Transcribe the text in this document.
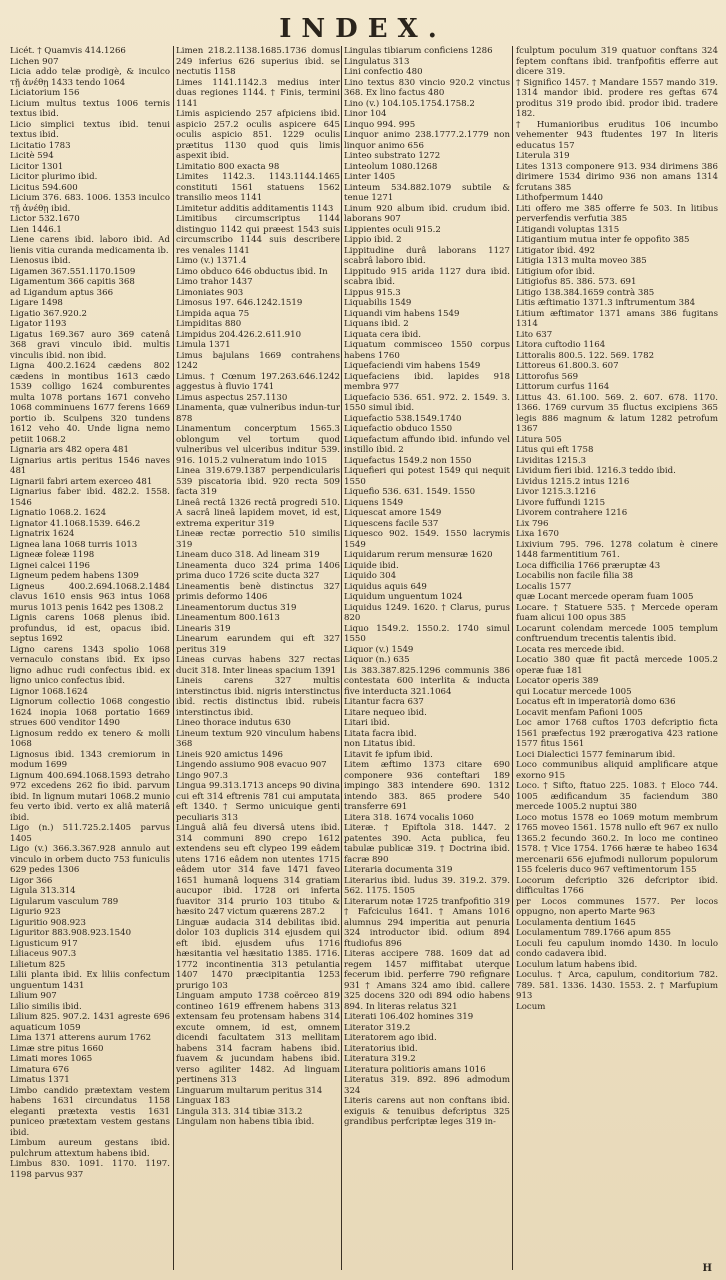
INDEX.
Licét. † Quamvis 414.1266
Lichen 907
Licia addo telæ prodigè, & inculco τῇ ἀνέθῃ 1433 tendo 1064
Liciatorium 156
Licium multus textus 1006 ternis textus ibid.
Licio simplici textus ibid. tenui textus ibid.
Licitatio 1783
Licitè 594
Licitor 1301
Licitor plurimo ibid.
Licitus 594.600
Licium 376. 683. 1006. 1353 inculco τῇ ἀνέθῃ ibid.
Lictor 532.1670
Lien 1446.1
Liene carens ibid. laboro ibid. Ad lienis vitia curanda medicamenta ib.
Lienosus ibid.
Ligamen 367.551.1170.1509
Ligamentum 366 capitis 368
ad Ligandum aptus 366
Ligare 1498
Ligatio 367.920.2
Ligator 1193
Ligatus 169.367 auro 369 catenâ 368 gravi vinculo ibid. multis vinculis ibid. non ibid.
Ligna 400.2.1624 cædens 802 cædens in montibus 1613 cædo 1539 colligo 1624 comburentes multa 1078 portans 1671 conveho 1068 comminuens 1677 ferens 1669 portio ib. Sculpens 320 tundens 1612 veho 40. Unde ligna nemo petiit 1068.2
Lignaria ars 482 opera 481
Lignarius artis peritus 1546 naves 481
Lignarii fabri artem exerceo 481
Lignarius faber ibid. 482.2. 1558. 1546
Lignatio 1068.2. 1624
Lignator 41.1068.1539. 646.2
Lignatrix 1624
Lignea lana 1068 turris 1013
Ligneæ foleæ 1198
Lignei calcei 1196
Ligneum pedem habens 1309
Ligneus 400.2.694.1068.2.1484 clavus 1610 ensis 963 intus 1068 murus 1013 penis 1642 pes 1308.2
Lignis carens 1068 plenus ibid. profundus, id est, opacus ibid. septus 1692
Ligno carens 1343 spolio 1068 vernaculo constans ibid. Ex ipso ligno adhuc rudi confectus ibid. ex ligno unico confectus ibid.
Lignor 1068.1624
Lignorum collectio 1068 congestio 1624 inopia 1068 portatio 1669 strues 600 venditor 1490
Lignosum reddo ex tenero & molli 1068
Lignosus ibid. 1343 cremiorum in modum 1699
Lignum 400.694.1068.1593 detraho 972 excedens 262 fio ibid. parvum ibid. In lignum mutari 1068.2 munio feu verto ibid. verto ex aliâ materiâ ibid.
Ligo (n.) 511.725.2.1405 parvus 1405
Ligo (v.) 366.3.367.928 annulo aut vinculo in orbem ducto 753 funiculis 629 pedes 1306
Ligor 366
Ligula 313.314
Ligularum vasculum 789
Ligurio 923
Liguritio 908.923
Liguritor 883.908.923.1540
Ligusticum 917
Liliaceus 907.3
Lilietum 825
Lilii planta ibid. Ex liliis confectum unguentum 1431
Lilium 907
Lilio similis ibid.
Lilium 825. 907.2. 1431 agreste 696 aquaticum 1059
Lima 1371 atterens aurum 1762
Limæ stre pitus 1660
Limati mores 1065
Limatura 676
Limatus 1371
Limbo candido prætextam vestem habens 1631 circundatus 1158 eleganti prætexta vestis 1631 puniceo prætextam vestem gestans ibid.
Limbum aureum gestans ibid. pulchrum attextum habens ibid.
Limbus 830. 1091. 1170. 1197. 1198 parvus 937
Limen 218.2.1138.1685.1736 domus 249 inferius 626 superius ibid. se nectutis 1158
Limes 1141.1142.3 medius inter duas regiones 1144. † Finis, termini 1141
Limis aspiciendo 257 afpiciens ibid. aspicio 257.2 oculis aspicere 645 oculis aspicio 851. 1229 oculis prætitus 1130 quod quis limis aspexit ibid.
Limitatio 800 exacta 98
Limites 1142.3. 1143.1144.1465 constituti 1561 statuens 1562 transilio meos 1141
Limitetur additis additamentis 1143
Limitibus circumscriptus 1144 distinguo 1142 qui præest 1543 suis circumscribo 1144 suis describere res venales 1141
Limo (v.) 1371.4
Limo obduco 646 obductus ibid. In
Limo trahor 1437
Limoniates 903
Limosus 197. 646.1242.1519
Limpida aqua 75
Limpiditas 880
Limpidus 204.426.2.611.910
Limula 1371
Limus bajulans 1669 contrahens 1242
Limus. † Cœnum 197.263.646.1242 aggestus à fluvio 1741
Limus aspectus 257.1130
Linamenta, quæ vulneribus indun-tur 878
Linamentum concerptum 1565.3 oblongum vel tortum quod vulneribus vel ulceribus inditur 539. 916. 1015.2 vulneratum indo 1015
Linea 319.679.1387 perpendicularis 539 piscatoria ibid. 920 recta 509 facta 319
Lineâ rectâ 1326 rectâ progredi 510. A sacrâ lineâ lapidem movet, id est, extrema experitur 319
Lineæ rectæ porrectio 510 similis 319
Lineam duco 318. Ad lineam 319
Lineamenta duco 324 prima 1406 prima duco 1726 scite ducta 327
Lineamentis benè distinctus 327 primis deformo 1406
Lineamentorum ductus 319
Lineamentum 800.1613
Linearis 319
Linearum earundem qui eft 327 peritus 319
Lineas curvas habens 327 rectas ducit 318. Inter lineas spacium 1391
Lineis carens 327 multis interstinctus ibid. nigris interstinctus ibid. rectis distinctus ibid. rubeis interstinctus ibid.
Lineo thorace indutus 630
Lineum textum 920 vinculum habens 368
Lineis 920 amictus 1496
Lingendo assiumo 908 evacuo 907
Lingo 907.3
Lingua 99.313.1713 anceps 90 divina cui eft 314 eftrenis 781 cui amputata eft 1340. † Sermo unicuique genti peculiaris 313
Linguâ aliâ feu diversâ utens ibid. 314 communi 890 crepo 1612 extendens seu eft clypeo 199 eâdem utens 1716 eâdem non utentes 1715 eâdem utor 314 fave 1471 faveo 1651 humanâ loquens 314 gratiam aucupor ibid. 1728 ori inferta fuavitor 314 prurio 103 titubo & hæsito 247 victum quærens 287.2
Linguæ audacia 314 debilitas ibid. dolor 103 duplicis 314 ejusdem qui eft ibid. ejusdem ufus 1716 hæsitantia vel hæsitatio 1385. 1716. 1772 incontinentia 313 petulantia 1407 1470 præcipitantia 1253 prurigo 103
Linguam amputo 1738 coërceo 819 contineo 1619 effrenem habens 313 extensam feu protensam habens 314 excute omnem, id est, omnem dicendi facultatem 313 mellitam habens 314 facram habens ibid. fuavem & jucundam habens ibid. verso agiliter 1482. Ad linguam pertinens 313
Linguarum multarum peritus 314
Linguax 183
Lingula 313. 314 tibiæ 313.2
Lingulam non habens tibia ibid.
Lingulas tibiarum conficiens 1286
Lingulatus 313
Lini confectio 480
Lino textus 830 vincio 920.2 vinctus 368. Ex lino factus 480
Lino (v.) 104.105.1754.1758.2
Linor 104
Linquo 994. 995
Linquor animo 238.1777.2.1779 non linquor animo 656
Linteo substrato 1272
Linteolum 1080.1268
Linter 1405
Linteum 534.882.1079 subtile & tenue 1271
Linum 920 album ibid. crudum ibid. laborans 907
Lippientes oculi 915.2
Lippio ibid. 2
Lippitudine durâ laborans 1127 scabrâ laboro ibid.
Lippitudo 915 arida 1127 dura ibid. scabra ibid.
Lippus 915.3
Liquabilis 1549
Liquandi vim habens 1549
Liquans ibid. 2
Liquata cera ibid.
Liquatum commisceo 1550 corpus habens 1760
Liquefaciendi vim habens 1549
Liquefaciens ibid. lapides 918 membra 977
Liquefacio 536. 651. 972. 2. 1549. 3. 1550 simul ibid.
Liquefactio 538.1549.1740
Liquefactio obduco 1550
Liquefactum affundo ibid. infundo vel instillo ibid. 2
Liquefactus 1549.2 non 1550
Liquefieri qui potest 1549 qui nequit 1550
Liquefio 536. 631. 1549. 1550
Liquens 1549
Liquescat amore 1549
Liquescens facile 537
Liquesco 902. 1549. 1550 lacrymis 1549
Liquidarum rerum mensuræ 1620
Liquide ibid.
Liquido 304
Liquidus aquis 649
Liquidum unguentum 1024
Liquidus 1249. 1620. † Clarus, purus 820
Liquo 1549.2. 1550.2. 1740 simul 1550
Liquor (v.) 1549
Liquor (n.) 635
Lis 383.387.825.1296 communis 386 contestata 600 interlita & inducta five interducta 321.1064
Litantur facra 637
Litare nequeo ibid.
Litari ibid.
Litata facra ibid.
non Litatus ibid.
Litavit fe ipfum ibid.
Litem æftimo 1373 citare 690 componere 936 conteftari 189 impingo 383 intendere 690. 1312 intendo 383. 865 prodere 540 transferre 691
Litera 318. 1674 vocalis 1060
Literæ. † Epiftola 318. 1447. 2 patentes 390. Acta publica, feu tabulæ publicæ 319. † Doctrina ibid. facræ 890
Literaria documenta 319
Literarius ibid. ludus 39. 319.2. 379. 562. 1175. 1505
Literarum notæ 1725 tranfpofitio 319 † Fafciculus 1641. † Amans 1016 alumnus 294 imperitia aut penuria 324 introductor ibid. odium 894 ftudiofus 896
Literas accipere 788. 1609 dat ad regem 1457 miffitabat uterque fecerum ibid. perferre 790 refignare 931 † Amans 324 amo ibid. callere 325 docens 320 odi 894 odio habens 894. In literas relatus 321
Literati 106.402 homines 319
Literator 319.2
Literatorem ago ibid.
Literatorius ibid.
Literatura 319.2
Literatura politioris amans 1016
Literatus 319. 892. 896 admodum 324
Literis carens aut non conftans ibid. exiguis & tenuibus defcriptus 325 grandibus perfcriptæ leges 319 in-
fculptum poculum 319 quatuor conftans 324 feptem conftans ibid. tranfpofitis efferre aut dicere 319.
† Significo 1457. † Mandare 1557 mando 319. 1314 mandor ibid. prodere res geftas 674 proditus 319 prodo ibid. prodor ibid. tradere 182.
† Humanioribus eruditus 106 incumbo vehementer 943 ftudentes 197 In literis educatus 157
Literula 319
Lites 1313 componere 913. 934 dirimens 386 dirimere 1534 dirimo 936 non amans 1314 fcrutans 385
Lithofpermum 1440
Liti offero me 385 offerre fe 503. In litibus perverfendis verfutia 385
Litigandi voluptas 1315
Litigantium mutua inter fe oppofito 385
Litigator ibid. 492
Litigia 1313 multa moveo 385
Litigium ofor ibid.
Litigiofus 85. 386. 573. 691
Litigo 138.384.1659 contrà 385
Litis æftimatio 1371.3 inftrumentum 384
Litium æftimator 1371 amans 386 fugitans 1314
Lito 637
Litora cuftodio 1164
Littoralis 800.5. 122. 569. 1782
Littoreus 61.800.3. 607
Littorofus 569
Littorum curfus 1164
Littus 43. 61.100. 569. 2. 607. 678. 1170. 1366. 1769 curvum 35 fluctus excipiens 365 legis 886 magnum & latum 1282 petrofum 1367
Litura 505
Litus qui eft 1758
Lividitas 1215.3
Lividum fieri ibid. 1216.3 teddo ibid.
Lividus 1215.2 intus 1216
Livor 1215.3.1216
Livore fuffundi 1215
Livorem contrahere 1216
Lix 796
Lixa 1670
Lixivium 795. 796. 1278 colatum è cinere 1448 farmentitium 761.
Loca difficilia 1766 præruptæ 43
Locabilis non facile filia 38
Localis 1577
quæ Locant mercede operam fuam 1005
Locare. † Statuere 535. † Mercede operam fuam alicui 100 opus 385
Locarunt colendam mercede 1005 templum conftruendum trecentis talentis ibid.
Locata res mercede ibid.
Locatio 380 quæ fit pactâ mercede 1005.2 operæ fuæ 181
Locator operis 389
qui Locatur mercede 1005
Locatus eft in imperatorià domo 636
Locavit menfam Pafioni 1005
Loc amor 1768 cuftos 1703 defcriptio ficta 1561 præfectus 192 prærogativa 423 ratione 1577 fitus 1561
Loci Dialectici 1577 feminarum ibid.
Loco communibus aliquid amplificare atque exorno 915
Loco. † Sifto, ftatuo 225. 1083. † Eloco 744. 1005 ædificandum 35 faciendum 380 mercede 1005.2 nuptui 380
Loco motus 1578 eo 1069 motum membrum 1765 moveo 1561. 1578 nullo eft 967 ex nullo 1365.2 fecundo 360.2. In loco me contineo 1578. † Vice 1754. 1766 hæræ te habeo 1634 mercenarii 656 ejufmodi nullorum populorum 155 fceleris duco 967 veftimentorum 155
Locorum defcriptio 326 defcriptor ibid. difficultas 1766
per Locos communes 1577. Per locos oppugno, non aperto Marte 963
Loculamenta dentium 1645
Loculamentum 789.1766 apum 855
Loculi feu capulum inomdo 1430. In loculo condo cadavera ibid.
Loculum latum habens ibid.
Loculus. † Arca, capulum, conditorium 782. 789. 581. 1336. 1430. 1553. 2. † Marfupium 913
Locum
H
